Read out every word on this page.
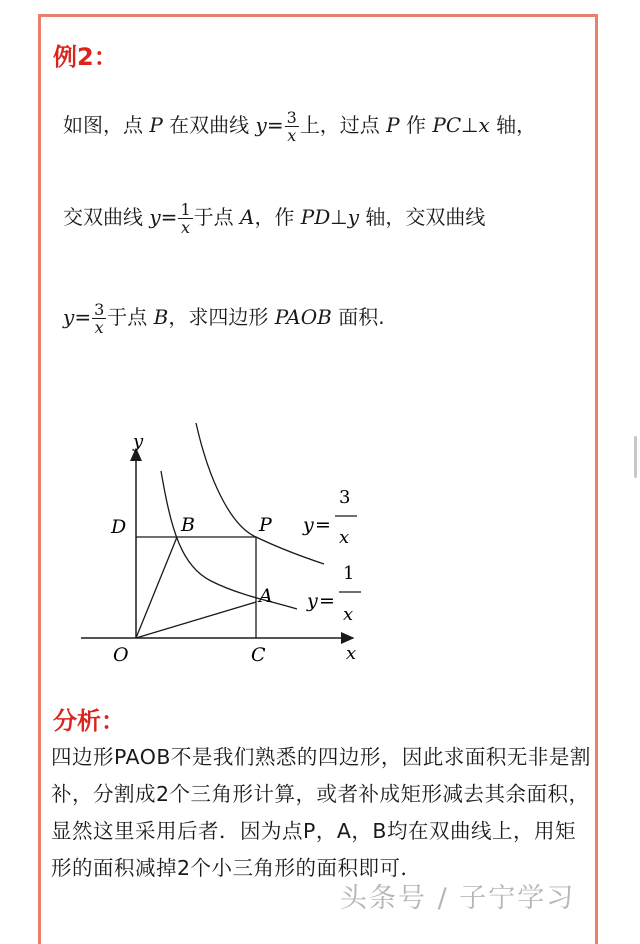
例2：
如图，点 P 在双曲线 $y= \frac{3}{x}$ 上，过点 P 作 PC⊥x 轴，
交双曲线 $y= \frac{1}{x}$ 于点 A，作 PD⊥y 轴，交双曲线
$y= \frac{3}{x}$ 于点 B，求四边形 PAOB 面积.
y
x
O	C
D	B	P
A
y =
3
x
y =
1
x
分析：
四边形PAOB不是我们熟悉的四边形，因此求面积无非是割补，分割成2个三角形计算，或者补成矩形减去其余面积，显然这里采用后者．因为点P，A，B均在双曲线上，用矩形的面积减掉2个小三角形的面积即可．
头条号 / 子宁学习
